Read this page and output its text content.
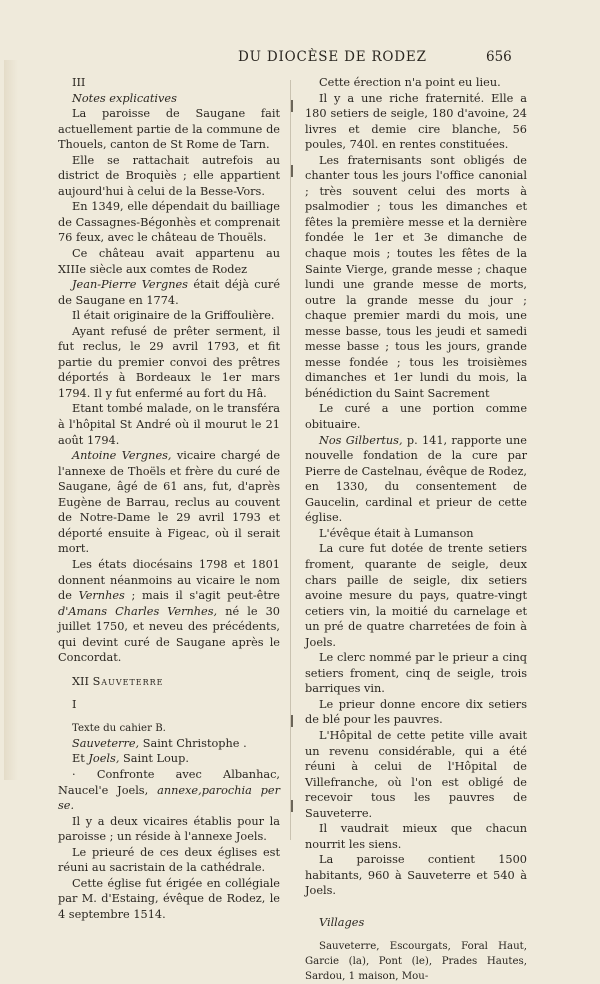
DU DIOCÈSE DE RODEZ	656

III

Notes explicatives

La paroisse de Saugane fait actuellement partie de la commune de Thouels, canton de St Rome de Tarn.

Elle se rattachait autrefois au district de Broquiès ; elle appartient aujourd'hui à celui de la Besse-Vors.

En 1349, elle dépendait du bailliage de Cassagnes-Bégonhès et comprenait 76 feux, avec le château de Thouëls.

Ce château avait appartenu au XIIIe siècle aux comtes de Rodez

Jean-Pierre Vergnes était déjà curé de Saugane en 1774.

Il était originaire de la Griffoulière.

Ayant refusé de prêter serment, il fut reclus, le 29 avril 1793, et fit partie du premier convoi des prêtres déportés à Bordeaux le 1er mars 1794. Il y fut enfermé au fort du Hâ.

Etant tombé malade, on le transféra à l'hôpital St André où il mourut le 21 août 1794.

Antoine Vergnes, vicaire chargé de l'annexe de Thoëls et frère du curé de Saugane, âgé de 61 ans, fut, d'après Eugène de Barrau, reclus au couvent de Notre-Dame le 29 avril 1793 et déporté ensuite à Figeac, où il serait mort.

Les états diocésains 1798 et 1801 donnent néanmoins au vicaire le nom de Vernhes ; mais il s'agit peut-être d'Amans Charles Vernhes, né le 30 juillet 1750, et neveu des précédents, qui devint curé de Saugane après le Concordat.

XII Sauveterre

I

Texte du cahier B.

Sauveterre, Saint Christophe .

Et Joels, Saint Loup.

· Confronte avec Albanhac, Naucel'e Joels, annexe,parochia per se.

Il y a deux vicaires établis pour la paroisse ; un réside à l'annexe Joels.

Le prieuré de ces deux églises est réuni au sacristain de la cathédrale.

Cette église fut érigée en collégiale par M. d'Estaing, évêque de Rodez, le 4 septembre 1514.

Cette érection n'a point eu lieu.

Il y a une riche fraternité. Elle a 180 setiers de seigle, 180 d'avoine, 24 livres et demie cire blanche, 56 poules, 740l. en rentes constituées.

Les fraternisants sont obligés de chanter tous les jours l'office canonial ; très souvent celui des morts à psalmodier ; tous les dimanches et fêtes la première messe et la dernière fondée le 1er et 3e dimanche de chaque mois ; toutes les fêtes de la Sainte Vierge, grande messe ; chaque lundi une grande messe de morts, outre la grande messe du jour ; chaque premier mardi du mois, une messe basse, tous les jeudi et samedi messe basse ; tous les jours, grande messe fondée ; tous les troisièmes dimanches et 1er lundi du mois, la bénédiction du Saint Sacrement

Le curé a une portion comme obituaire.

Nos Gilbertus, p. 141, rapporte une nouvelle fondation de la cure par Pierre de Castelnau, évêque de Rodez, en 1330, du consentement de Gaucelin, cardinal et prieur de cette église.

L'évêque était à Lumanson

La cure fut dotée de trente setiers froment, quarante de seigle, deux chars paille de seigle, dix setiers avoine mesure du pays, quatre-vingt cetiers vin, la moitié du carnelage et un pré de quatre charretées de foin à Joels.

Le clerc nommé par le prieur a cinq setiers froment, cinq de seigle, trois barriques vin.

Le prieur donne encore dix setiers de blé pour les pauvres.

L'Hôpital de cette petite ville avait un revenu considérable, qui a été réuni à celui de l'Hôpital de Villefranche, où l'on est obligé de recevoir tous les pauvres de Sauveterre.

Il vaudrait mieux que chacun nourrit les siens.

La paroisse contient 1500 habitants, 960 à Sauveterre et 540 à Joels.

Villages

Sauveterre, Escourgats, Foral Haut, Garcie (la), Pont (le), Prades Hautes, Sardou, 1 maison, Mou-
